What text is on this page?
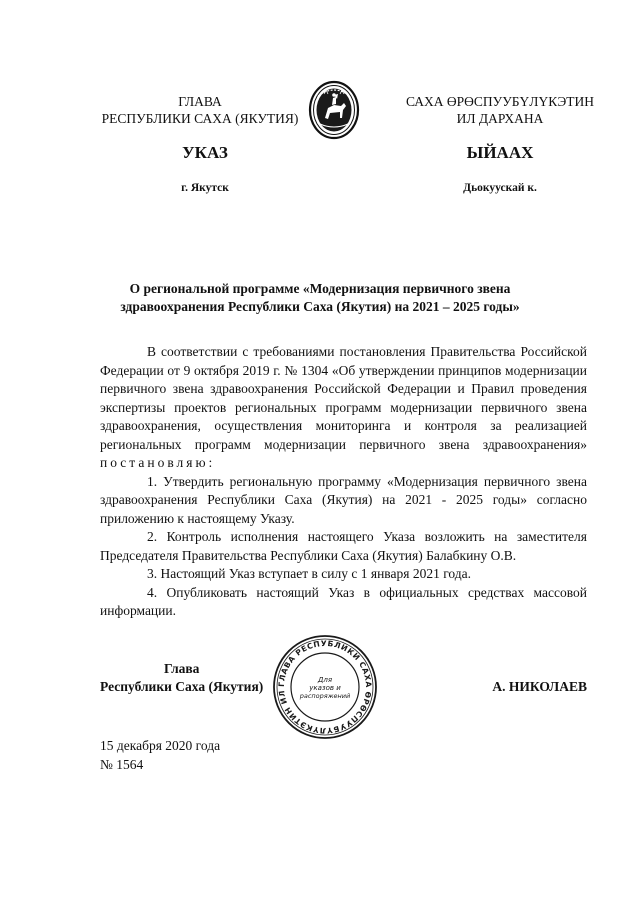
ГЛАВА
РЕСПУБЛИКИ САХА (ЯКУТИЯ)
САХА ӨРӨСПУУБҮЛҮКЭТИН
ИЛ ДАРХАНА
УКАЗ	ЫЙААХ
г. Якутск	Дьокуускай к.
О региональной программе «Модернизация первичного звена
здравоохранения Республики Саха (Якутия) на 2021 – 2025 годы»

В соответствии с требованиями постановления Правительства Российской Федерации от 9 октября 2019 г. № 1304 «Об утверждении принципов модернизации первичного звена здравоохранения Российской Федерации и Правил проведения экспертизы проектов региональных программ модернизации первичного звена здравоохранения, осуществления мониторинга и контроля за реализацией региональных программ модернизации первичного звена здравоохранения» постановляю:

1. Утвердить региональную программу «Модернизация первичного звена здравоохранения Республики Саха (Якутия) на 2021 - 2025 годы» согласно приложению к настоящему Указу.

2. Контроль исполнения настоящего Указа возложить на заместителя Председателя Правительства Республики Саха (Якутия) Балабкину О.В.

3. Настоящий Указ вступает в силу с 1 января 2021 года.

4. Опубликовать настоящий Указ в официальных средствах массовой информации.

Глава
Республики Саха (Якутия)	ГЛАВА РЕСПУБЛИКИ САХА ӨРӨСПУУБҮЛҮКЭТИН ИЛ
Для
указов и
распоряжений
А. НИКОЛАЕВ
15 декабря 2020 года
№ 1564
